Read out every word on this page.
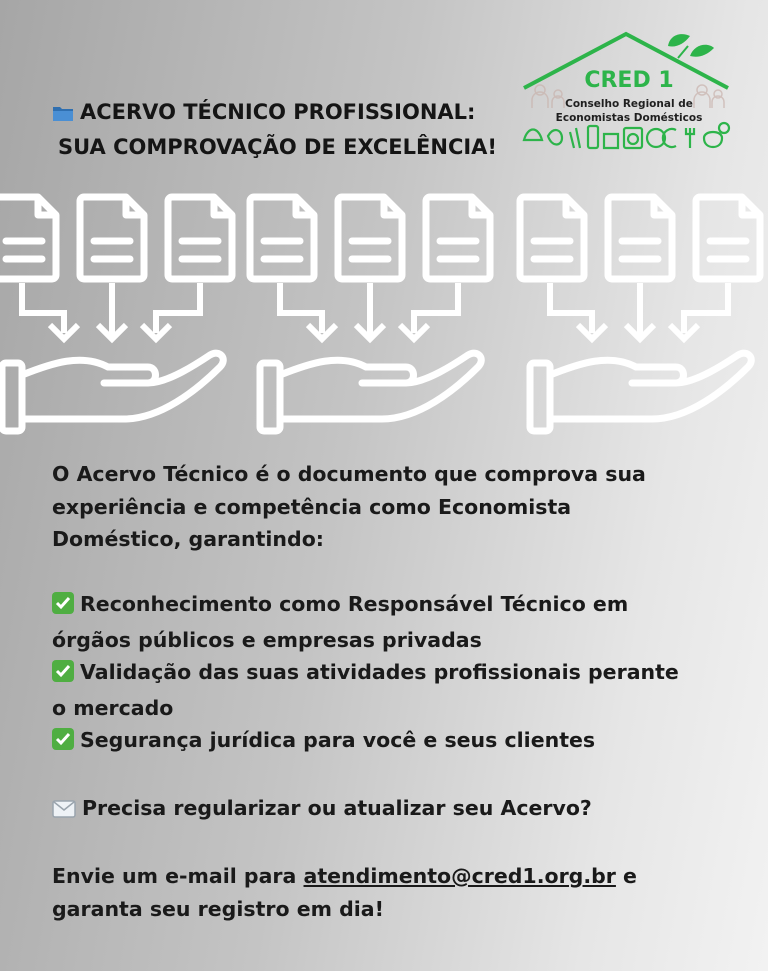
ACERVO TÉCNICO PROFISSIONAL:
SUA COMPROVAÇÃO DE EXCELÊNCIA!
CRED 1
Conselho Regional de
Economistas Domésticos

O Acervo Técnico é o documento que comprova sua

experiência e competência como Economista

Doméstico, garantindo:

Reconhecimento como Responsável Técnico em

órgãos públicos e empresas privadas

Validação das suas atividades profissionais perante

o mercado

Segurança jurídica para você e seus clientes

Precisa regularizar ou atualizar seu Acervo?

Envie um e-mail para atendimento@cred1.org.br e

garanta seu registro em dia!
